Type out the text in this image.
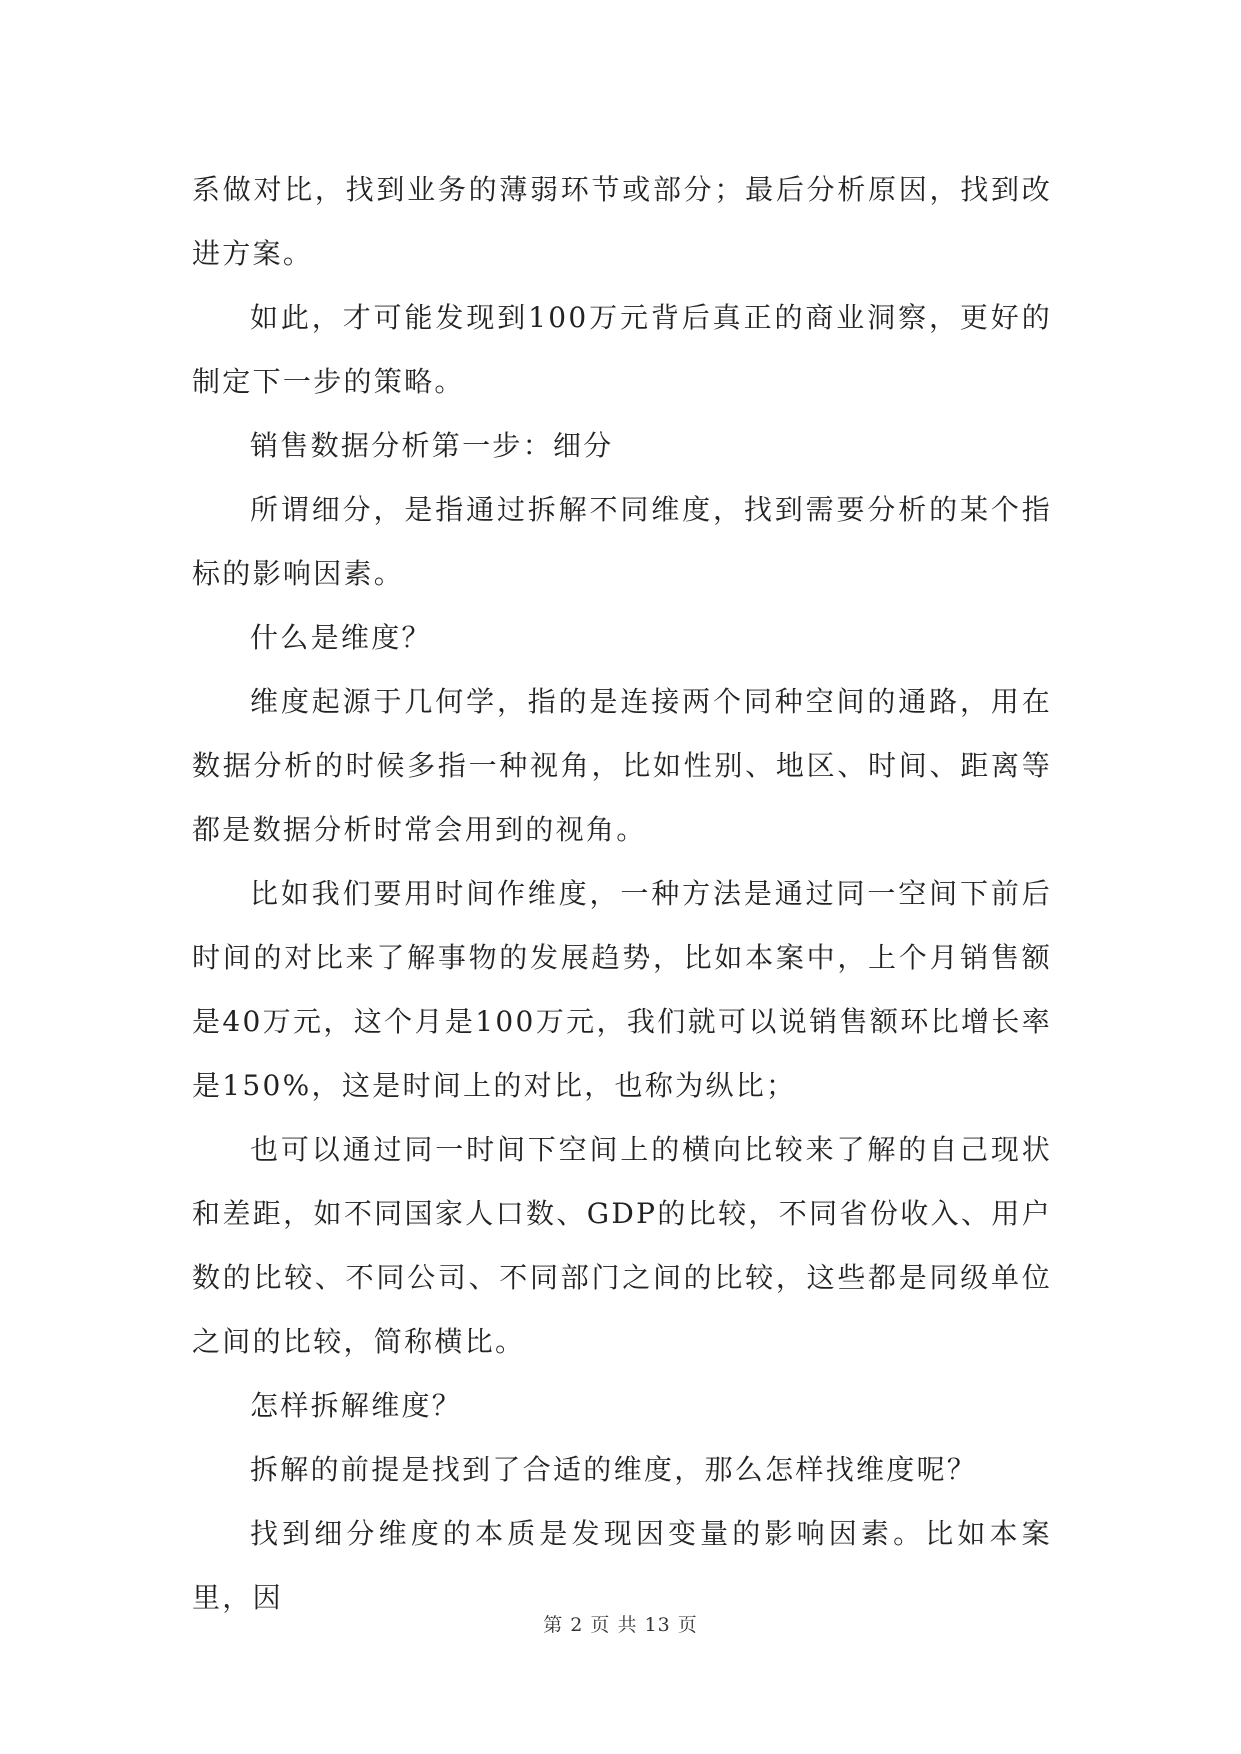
系做对比，找到业务的薄弱环节或部分；最后分析原因，找到改进方案。

如此，才可能发现到100万元背后真正的商业洞察，更好的制定下一步的策略。

销售数据分析第一步：细分

所谓细分，是指通过拆解不同维度，找到需要分析的某个指标的影响因素。

什么是维度？

维度起源于几何学，指的是连接两个同种空间的通路，用在数据分析的时候多指一种视角，比如性别、地区、时间、距离等都是数据分析时常会用到的视角。

比如我们要用时间作维度，一种方法是通过同一空间下前后时间的对比来了解事物的发展趋势，比如本案中，上个月销售额是40万元，这个月是100万元，我们就可以说销售额环比增长率是150%，这是时间上的对比，也称为纵比；

也可以通过同一时间下空间上的横向比较来了解的自己现状和差距，如不同国家人口数、GDP的比较，不同省份收入、用户数的比较、不同公司、不同部门之间的比较，这些都是同级单位之间的比较，简称横比。

怎样拆解维度？

拆解的前提是找到了合适的维度，那么怎样找维度呢？

找到细分维度的本质是发现因变量的影响因素。比如本案里，因

第 2 页 共 13 页
